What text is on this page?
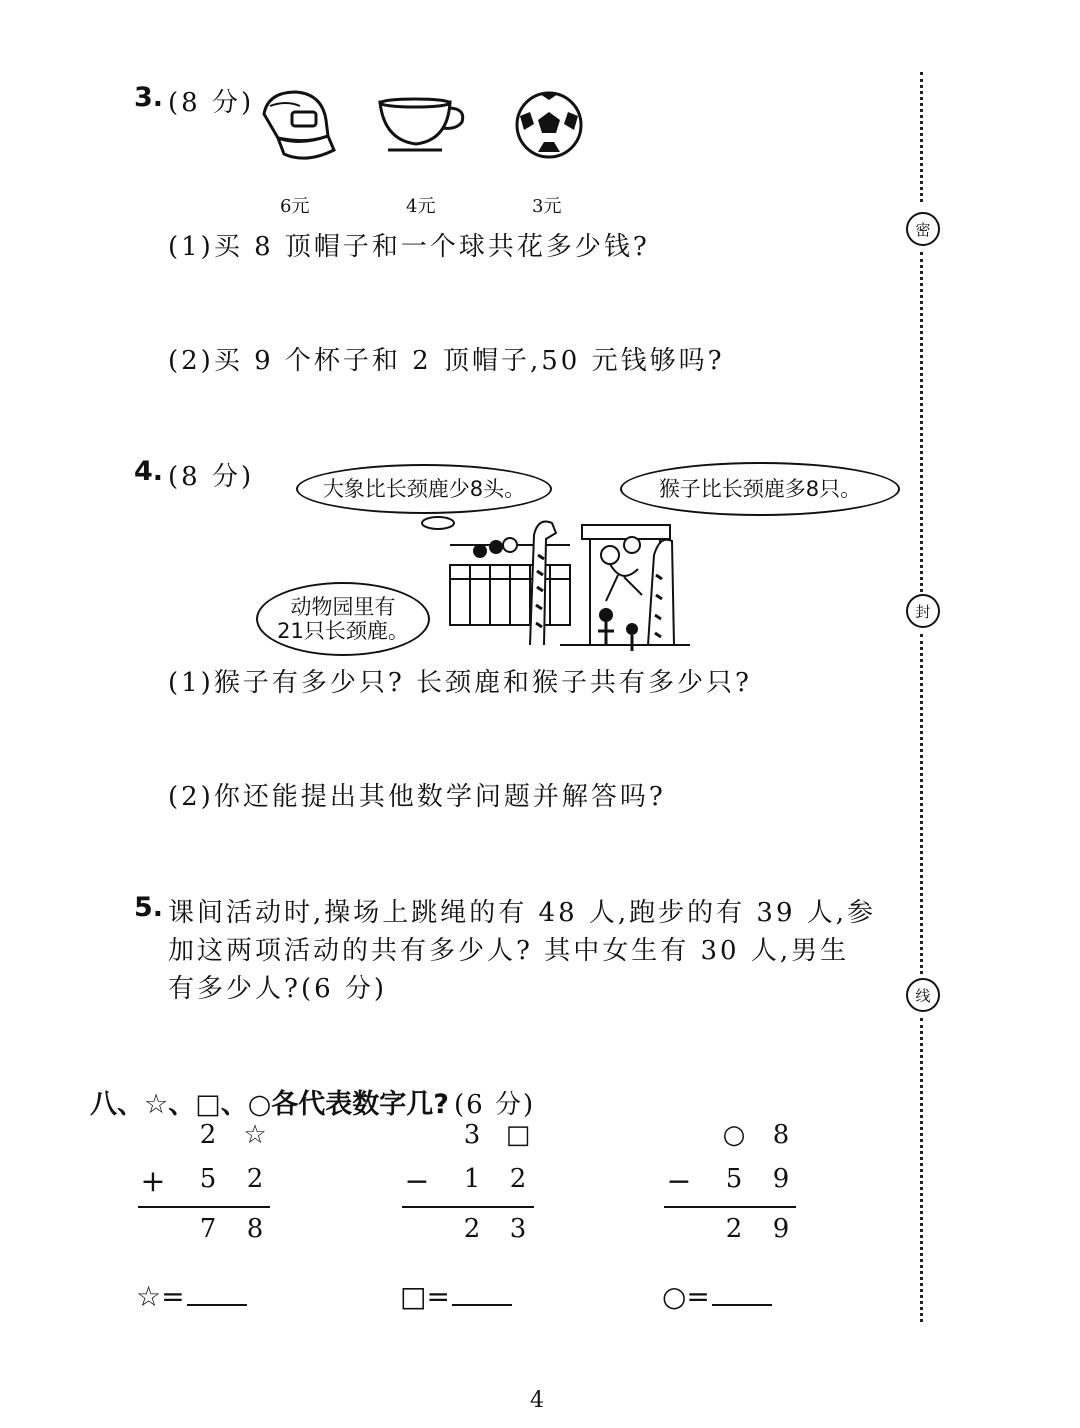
密
封
线
3. (8 分)
6元	4元	3元
(1)买 8 顶帽子和一个球共花多少钱?
(2)买 9 个杯子和 2 顶帽子,50 元钱够吗?
4. (8 分)	大象比长颈鹿少8头。	猴子比长颈鹿多8只。
动物园里有
21只长颈鹿。
(1)猴子有多少只? 长颈鹿和猴子共有多少只?
(2)你还能提出其他数学问题并解答吗?
5. 课间活动时,操场上跳绳的有 48 人,跑步的有 39 人,参
加这两项活动的共有多少人? 其中女生有 30 人,男生
有多少人?(6 分)
八、☆、□、○各代表数字几? (6 分)
2 ☆
+ 5 2
7 8
☆=
3 □
− 1 2
2 3
□=
○ 8
− 5 9
2 9
○=
4
